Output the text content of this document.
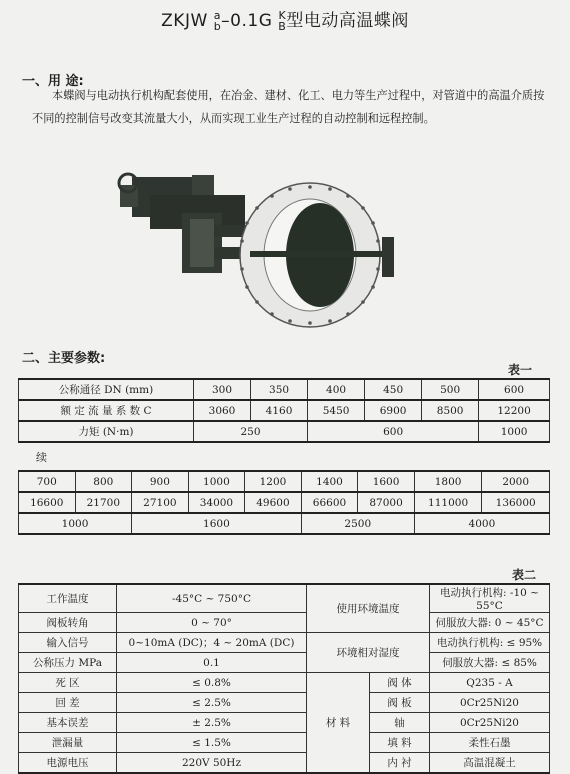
ZKJW a
b –0.1G K
B 型电动高温蝶阀
一、用 途:
本蝶阀与电动执行机构配套使用，在冶金、建材、化工、电力等生产过程中，对管道中的高温介质按不同的控制信号改变其流量大小，从而实现工业生产过程的自动控制和远程控制。
二、主要参数:
表一
公称通径 DN (mm)	300	350	400	450	500	600
额 定 流 量 系 数 C	3060	4160	5450	6900	8500	12200
力矩 (N·m)	250		600			1000
续
700	800	900	1000	1200	1400	1600	1800	2000
16600	21700	27100	34000	49600	66600	87000	111000	136000
1000		1600			2500		4000	
表二
工作温度	-45°C ~ 750°C	使用环境温度		电动执行机构: -10 ~ 55°C
阀板转角	0 ~ 70°			伺服放大器: 0 ~ 45°C
输入信号	0~10mA (DC)；4 ~ 20mA (DC)	环境相对湿度		电动执行机构: ≤ 95%
公称压力 MPa	0.1			伺服放大器: ≤ 85%
死 区	≤ 0.8%	材 料	阀 体	Q235 - A
回 差	≤ 2.5%		阀 板	0Cr25Ni20
基本误差	± 2.5%		轴	0Cr25Ni20
泄漏量	≤ 1.5%		填 料	柔性石墨
电源电压	220V 50Hz		内 衬	高温混凝土
